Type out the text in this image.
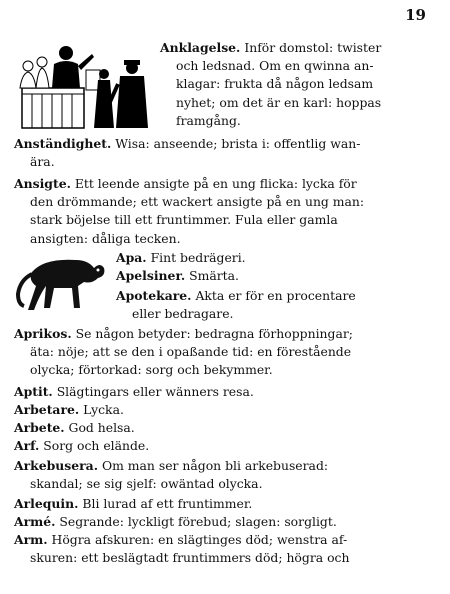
19
Anklagelse. Inför domstol: twister
och ledsnad. Om en qwinna an-
klagar: frukta då någon ledsam
nyhet; om det är en karl: hoppas
framgång.
Anständighet. Wisa: anseende; brista i: offentlig wan-
ära.
Ansigte. Ett leende ansigte på en ung flicka: lycka för
den drömmande; ett wackert ansigte på en ung man:
stark böjelse till ett fruntimmer. Fula eller gamla
ansigten: dåliga tecken.
Apa. Fint bedrägeri.
Apelsiner. Smärta.
Apotekare. Akta er för en procentare
eller bedragare.
Aprikos. Se någon betyder: bedragna förhoppningar;
äta: nöje; att se den i opaßande tid: en förestående
olycka; förtorkad: sorg och bekymmer.
Aptit. Slägtingars eller wänners resa.
Arbetare. Lycka.
Arbete. God helsa.
Arf. Sorg och elände.
Arkebusera. Om man ser någon bli arkebuserad:
skandal; se sig sjelf: owäntad olycka.
Arlequin. Bli lurad af ett fruntimmer.
Armé. Segrande: lyckligt förebud; slagen: sorgligt.
Arm. Högra afskuren: en slägtinges död; wenstra af-
skuren: ett beslägtadt fruntimmers död; högra och
